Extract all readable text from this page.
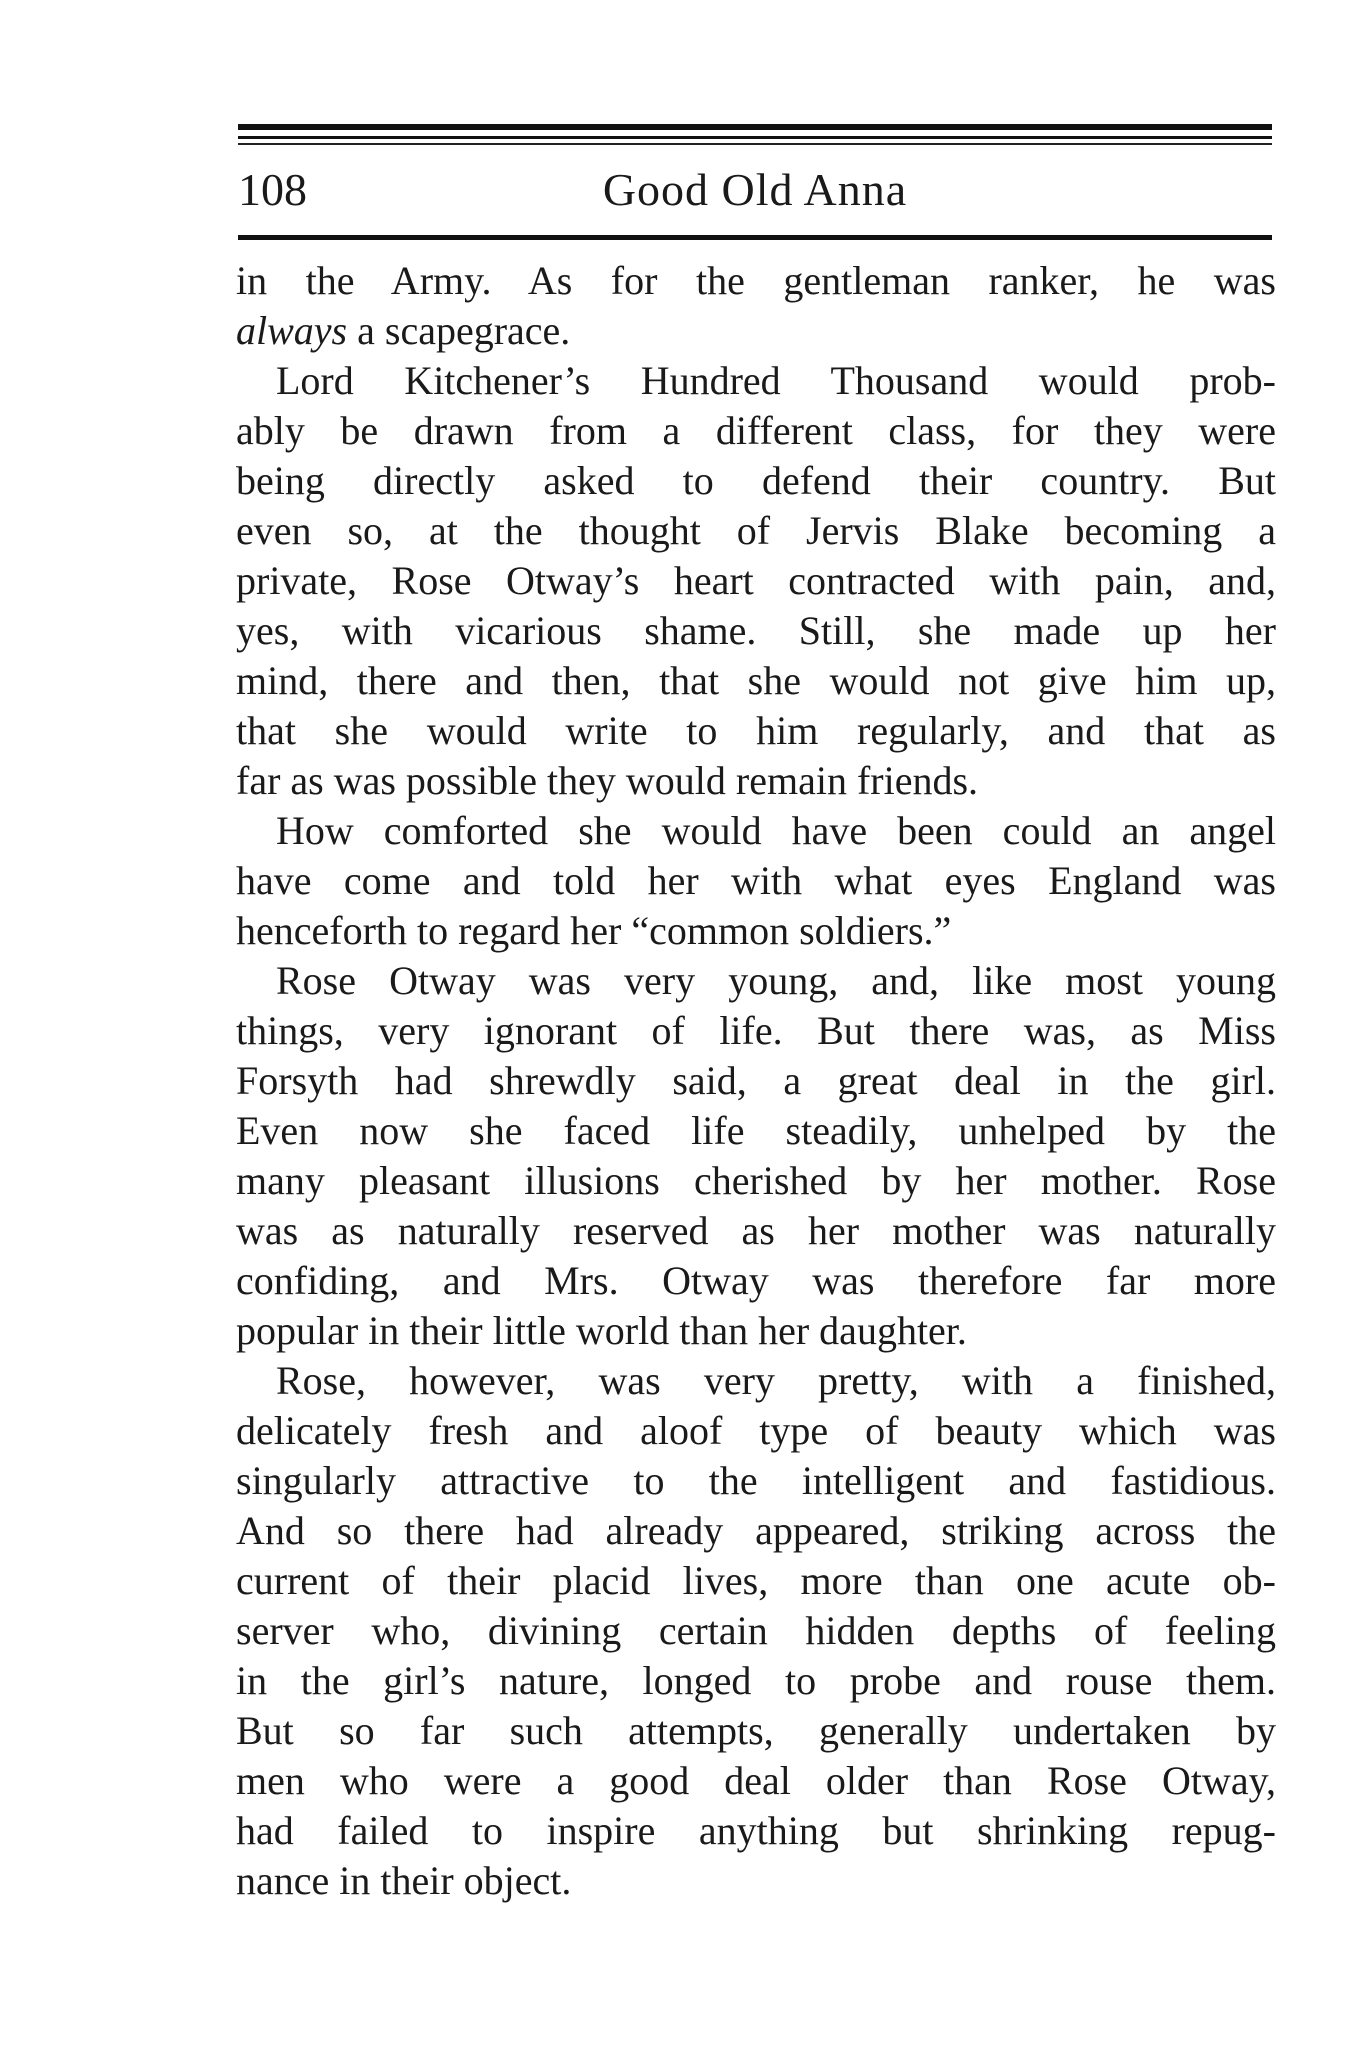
108	Good Old Anna
in the Army. As for the gentleman ranker, he was
always a scapegrace.
Lord Kitchener’s Hundred Thousand would prob-
ably be drawn from a different class, for they were
being directly asked to defend their country. But
even so, at the thought of Jervis Blake becoming a
private, Rose Otway’s heart contracted with pain, and,
yes, with vicarious shame. Still, she made up her
mind, there and then, that she would not give him up,
that she would write to him regularly, and that as
far as was possible they would remain friends.
How comforted she would have been could an angel
have come and told her with what eyes England was
henceforth to regard her “common soldiers.”
Rose Otway was very young, and, like most young
things, very ignorant of life. But there was, as Miss
Forsyth had shrewdly said, a great deal in the girl.
Even now she faced life steadily, unhelped by the
many pleasant illusions cherished by her mother. Rose
was as naturally reserved as her mother was naturally
confiding, and Mrs. Otway was therefore far more
popular in their little world than her daughter.
Rose, however, was very pretty, with a finished,
delicately fresh and aloof type of beauty which was
singularly attractive to the intelligent and fastidious.
And so there had already appeared, striking across the
current of their placid lives, more than one acute ob-
server who, divining certain hidden depths of feeling
in the girl’s nature, longed to probe and rouse them.
But so far such attempts, generally undertaken by
men who were a good deal older than Rose Otway,
had failed to inspire anything but shrinking repug-
nance in their object.
